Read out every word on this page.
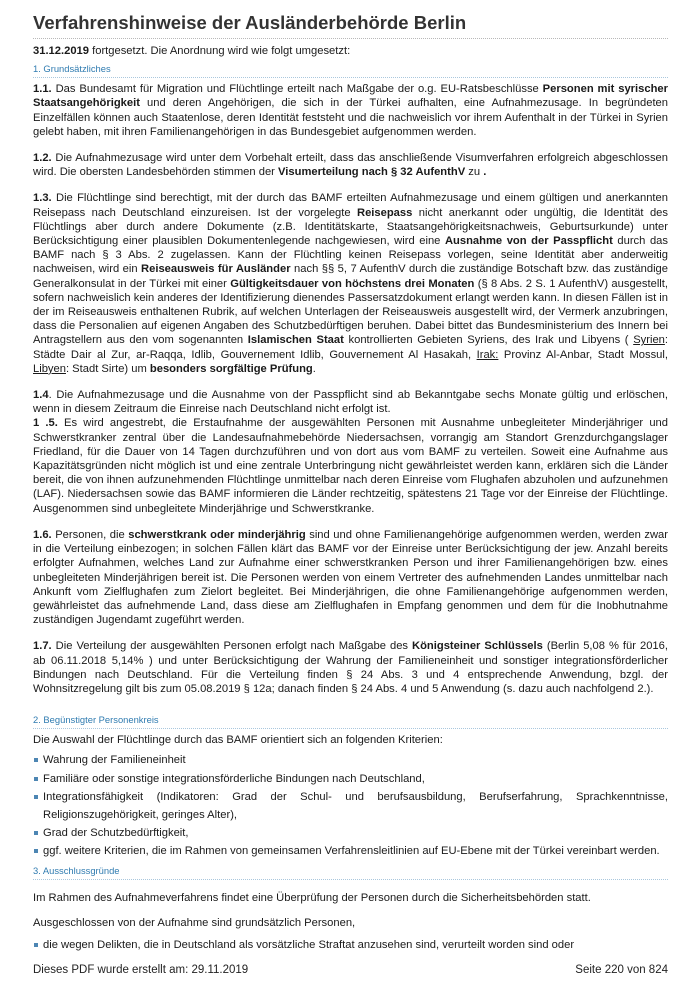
Verfahrenshinweise der Ausländerbehörde Berlin

31.12.2019 fortgesetzt. Die Anordnung wird wie folgt umgesetzt:

1. Grundsätzliches

1.1. Das Bundesamt für Migration und Flüchtlinge erteilt nach Maßgabe der o.g. EU-Ratsbeschlüsse Personen mit syrischer Staatsangehörigkeit und deren Angehörigen, die sich in der Türkei aufhalten, eine Aufnahmezusage. In begründeten Einzelfällen können auch Staatenlose, deren Identität feststeht und die nachweislich vor ihrem Aufenthalt in der Türkei in Syrien gelebt haben, mit ihren Familienangehörigen in das Bundesgebiet aufgenommen werden.

1.2. Die Aufnahmezusage wird unter dem Vorbehalt erteilt, dass das anschließende Visumverfahren erfolgreich abgeschlossen wird. Die obersten Landesbehörden stimmen der Visumerteilung nach § 32 AufenthV zu .

1.3. Die Flüchtlinge sind berechtigt, mit der durch das BAMF erteilten Aufnahmezusage und einem gültigen und anerkannten Reisepass nach Deutschland einzureisen. Ist der vorgelegte Reisepass nicht anerkannt oder ungültig, die Identität des Flüchtlings aber durch andere Dokumente (z.B. Identitätskarte, Staatsangehörigkeitsnachweis, Geburtsurkunde) unter Berücksichtigung einer plausiblen Dokumentenlegende nachgewiesen, wird eine Ausnahme von der Passpflicht durch das BAMF nach § 3 Abs. 2 zugelassen. Kann der Flüchtling keinen Reisepass vorlegen, seine Identität aber anderweitig nachweisen, wird ein Reiseausweis für Ausländer nach §§ 5, 7 AufenthV durch die zuständige Botschaft bzw. das zuständige Generalkonsulat in der Türkei mit einer Gültigkeitsdauer von höchstens drei Monaten (§ 8 Abs. 2 S. 1 AufenthV) ausgestellt, sofern nachweislich kein anderes der Identifizierung dienendes Passersatzdokument erlangt werden kann. In diesen Fällen ist in der im Reiseausweis enthaltenen Rubrik, auf welchen Unterlagen der Reiseausweis ausgestellt wird, der Vermerk anzubringen, dass die Personalien auf eigenen Angaben des Schutzbedürftigen beruhen. Dabei bittet das Bundesministerium des Innern bei Antragstellern aus den vom sogenannten Islamischen Staat kontrollierten Gebieten Syriens, des Irak und Libyens ( Syrien: Städte Dair al Zur, ar-Raqqa, Idlib, Gouvernement Idlib, Gouvernement Al Hasakah, Irak: Provinz Al-Anbar, Stadt Mossul, Libyen: Stadt Sirte) um besonders sorgfältige Prüfung.

1.4. Die Aufnahmezusage und die Ausnahme von der Passpflicht sind ab Bekanntgabe sechs Monate gültig und erlöschen, wenn in diesem Zeitraum die Einreise nach Deutschland nicht erfolgt ist.

1 .5. Es wird angestrebt, die Erstaufnahme der ausgewählten Personen mit Ausnahme unbegleiteter Minderjähriger und Schwerstkranker zentral über die Landesaufnahmebehörde Niedersachsen, vorrangig am Standort Grenzdurchgangslager Friedland, für die Dauer von 14 Tagen durchzuführen und von dort aus vom BAMF zu verteilen. Soweit eine Aufnahme aus Kapazitätsgründen nicht möglich ist und eine zentrale Unterbringung nicht gewährleistet werden kann, erklären sich die Länder bereit, die von ihnen aufzunehmenden Flüchtlinge unmittelbar nach deren Einreise vom Flughafen abzuholen und aufzunehmen (LAF). Niedersachsen sowie das BAMF informieren die Länder rechtzeitig, spätestens 21 Tage vor der Einreise der Flüchtlinge. Ausgenommen sind unbegleitete Minderjährige und Schwerstkranke.

1.6. Personen, die schwerstkrank oder minderjährig sind und ohne Familienangehörige aufgenommen werden, werden zwar in die Verteilung einbezogen; in solchen Fällen klärt das BAMF vor der Einreise unter Berücksichtigung der jew. Anzahl bereits erfolgter Aufnahmen, welches Land zur Aufnahme einer schwerstkranken Person und ihrer Familienangehörigen bzw. eines unbegleiteten Minderjährigen bereit ist. Die Personen werden von einem Vertreter des aufnehmenden Landes unmittelbar nach Ankunft vom Zielflughafen zum Zielort begleitet. Bei Minderjährigen, die ohne Familienangehörige aufgenommen werden, gewährleistet das aufnehmende Land, dass diese am Zielflughafen in Empfang genommen und dem für die Inobhutnahme zuständigen Jugendamt zugeführt werden.

1.7. Die Verteilung der ausgewählten Personen erfolgt nach Maßgabe des Königsteiner Schlüssels (Berlin 5,08 % für 2016, ab 06.11.2018 5,14% ) und unter Berücksichtigung der Wahrung der Familieneinheit und sonstiger integrationsförderlicher Bindungen nach Deutschland. Für die Verteilung finden § 24 Abs. 3 und 4 entsprechende Anwendung, bzgl. der Wohnsitzregelung gilt bis zum 05.08.2019 § 12a; danach finden § 24 Abs. 4 und 5 Anwendung (s. dazu auch nachfolgend 2.).

2. Begünstigter Personenkreis

Die Auswahl der Flüchtlinge durch das BAMF orientiert sich an folgenden Kriterien:

Wahrung der Familieneinheit
Familiäre oder sonstige integrationsförderliche Bindungen nach Deutschland,
Integrationsfähigkeit (Indikatoren: Grad der Schul- und berufsausbildung, Berufserfahrung, Sprachkenntnisse, Religionszugehörigkeit, geringes Alter),
Grad der Schutzbedürftigkeit,
ggf. weitere Kriterien, die im Rahmen von gemeinsamen Verfahrensleitlinien auf EU-Ebene mit der Türkei vereinbart werden.
3. Ausschlussgründe

Im Rahmen des Aufnahmeverfahrens findet eine Überprüfung der Personen durch die Sicherheitsbehörden statt.

Ausgeschlossen von der Aufnahme sind grundsätzlich Personen,

die wegen Delikten, die in Deutschland als vorsätzliche Straftat anzusehen sind, verurteilt worden sind oder
Dieses PDF wurde erstellt am: 29.11.2019	Seite 220 von 824
